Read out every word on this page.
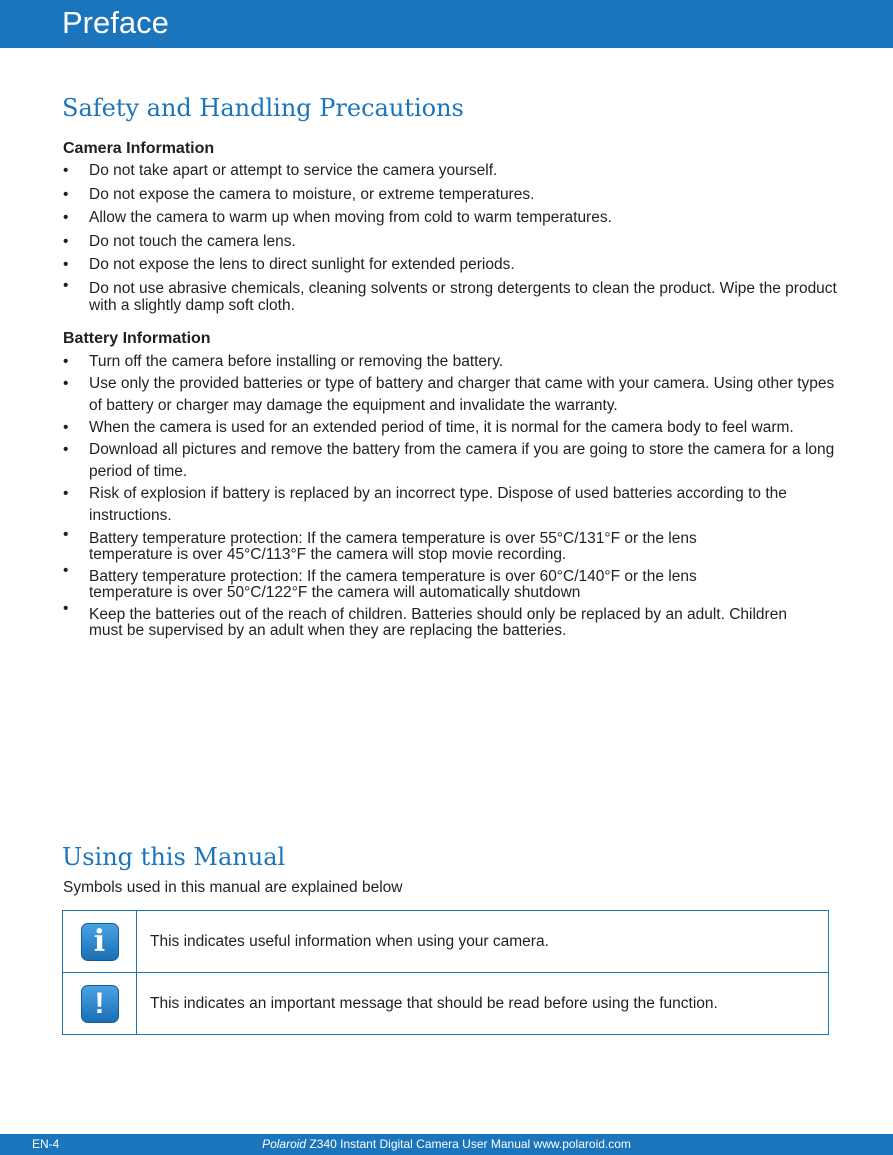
Preface
Safety and Handling Precautions
Camera Information
• Do not take apart or attempt to service the camera yourself.
• Do not expose the camera to moisture, or extreme temperatures.
• Allow the camera to warm up when moving from cold to warm temperatures.
• Do not touch the camera lens.
• Do not expose the lens to direct sunlight for extended periods.
• Do not use abrasive chemicals, cleaning solvents or strong detergents to clean the product. Wipe the product with a slightly damp soft cloth.
Battery Information
• Turn off the camera before installing or removing the battery.
• Use only the provided batteries or type of battery and charger that came with your camera. Using other types of battery or charger may damage the equipment and invalidate the warranty.
• When the camera is used for an extended period of time, it is normal for the camera body to feel warm.
• Download all pictures and remove the battery from the camera if you are going to store the camera for a long period of time.
• Risk of explosion if battery is replaced by an incorrect type. Dispose of used batteries according to the instructions.
• Battery temperature protection: If the camera temperature is over 55°C/131°F or the lens temperature is over 45°C/113°F the camera will stop movie recording.
• Battery temperature protection: If the camera temperature is over 60°C/140°F or the lens temperature is over 50°C/122°F the camera will automatically shutdown
• Keep the batteries out of the reach of children. Batteries should only be replaced by an adult. Children must be supervised by an adult when they are replacing the batteries.
Using this Manual

Symbols used in this manual are explained below

i	This indicates useful information when using your camera.
!	This indicates an important message that should be read before using the function.
EN-4	Polaroid Z340 Instant Digital Camera User Manual www.polaroid.com
